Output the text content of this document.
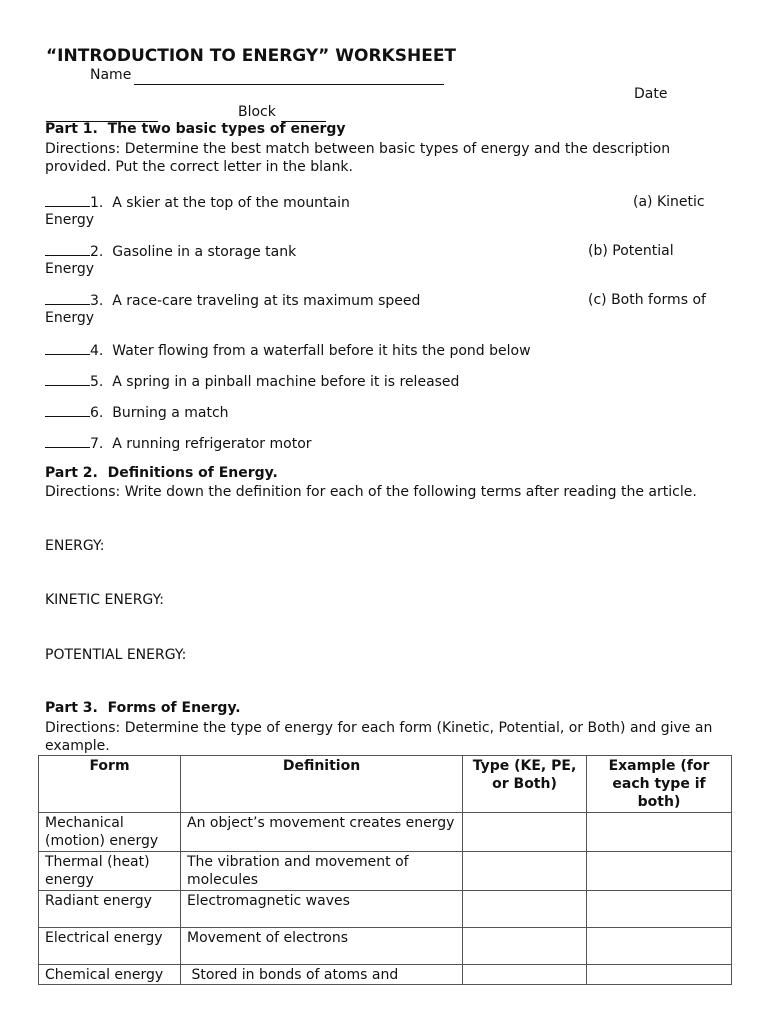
“INTRODUCTION TO ENERGY” WORKSHEET
Name
Date
Block
Part 1.  The two basic types of energy
Directions: Determine the best match between basic types of energy and the description provided. Put the correct letter in the blank.
1. A skier at the top of the mountain	(a) Kinetic
Energy
2. Gasoline in a storage tank	(b) Potential
Energy
3. A race-care traveling at its maximum speed	(c) Both forms of
Energy
4. Water flowing from a waterfall before it hits the pond below
5. A spring in a pinball machine before it is released
6. Burning a match
7. A running refrigerator motor
Part 2.  Definitions of Energy.
Directions: Write down the definition for each of the following terms after reading the article.
ENERGY:
KINETIC ENERGY:
POTENTIAL ENERGY:
Part 3.  Forms of Energy.
Directions: Determine the type of energy for each form (Kinetic, Potential, or Both) and give an example.
Form	Definition	Type (KE, PE, or Both)	Example (for each type if both)
Mechanical (motion) energy	An object’s movement creates energy		
Thermal (heat) energy	The vibration and movement of molecules		
Radiant energy	Electromagnetic waves		
Electrical energy	Movement of electrons		
Chemical energy	Stored in bonds of atoms and		
